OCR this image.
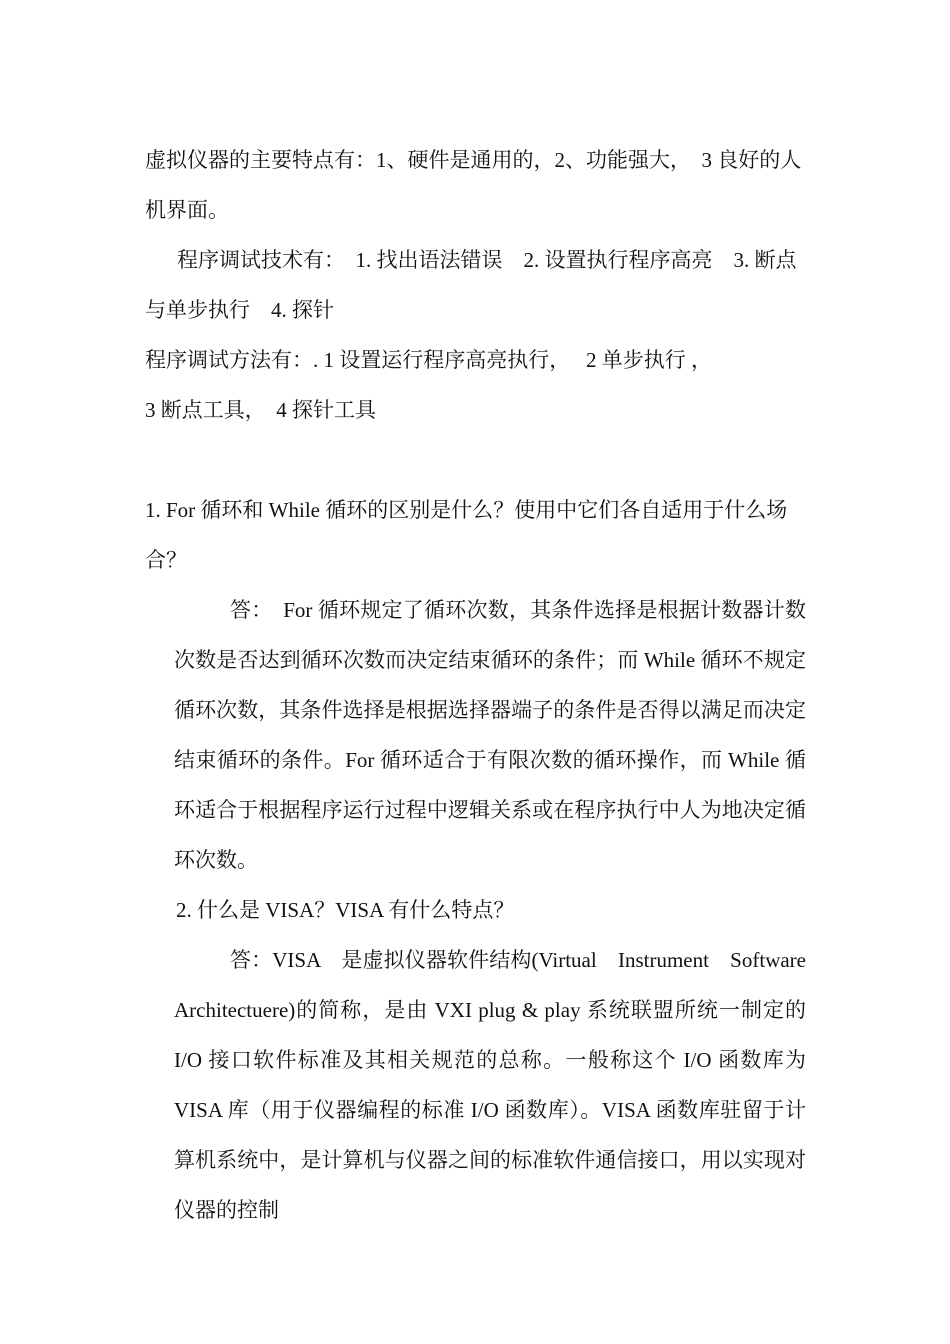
虚拟仪器的主要特点有：1、硬件是通用的，2、功能强大，　3 良好的人机界面。

程序调试技术有：　1. 找出语法错误　2. 设置执行程序高亮　3. 断点与单步执行　4. 探针

程序调试方法有：. 1 设置运行程序高亮执行，　 2 单步执行 ，

3 断点工具，　4 探针工具

1. For 循环和 While 循环的区别是什么？使用中它们各自适用于什么场合？

答：　For 循环规定了循环次数，其条件选择是根据计数器计数次数是否达到循环次数而决定结束循环的条件；而 While 循环不规定循环次数，其条件选择是根据选择器端子的条件是否得以满足而决定结束循环的条件。For 循环适合于有限次数的循环操作，而 While 循环适合于根据程序运行过程中逻辑关系或在程序执行中人为地决定循环次数。

2. 什么是 VISA？VISA 有什么特点？

答：VISA　是虚拟仪器软件结构(Virtual　Instrument　Software　Architectuere)的简称，是由 VXI plug & play 系统联盟所统一制定的 I/O 接口软件标准及其相关规范的总称。一般称这个 I/O 函数库为 VISA 库（用于仪器编程的标准 I/O 函数库）。VISA 函数库驻留于计算机系统中，是计算机与仪器之间的标准软件通信接口，用以实现对仪器的控制
